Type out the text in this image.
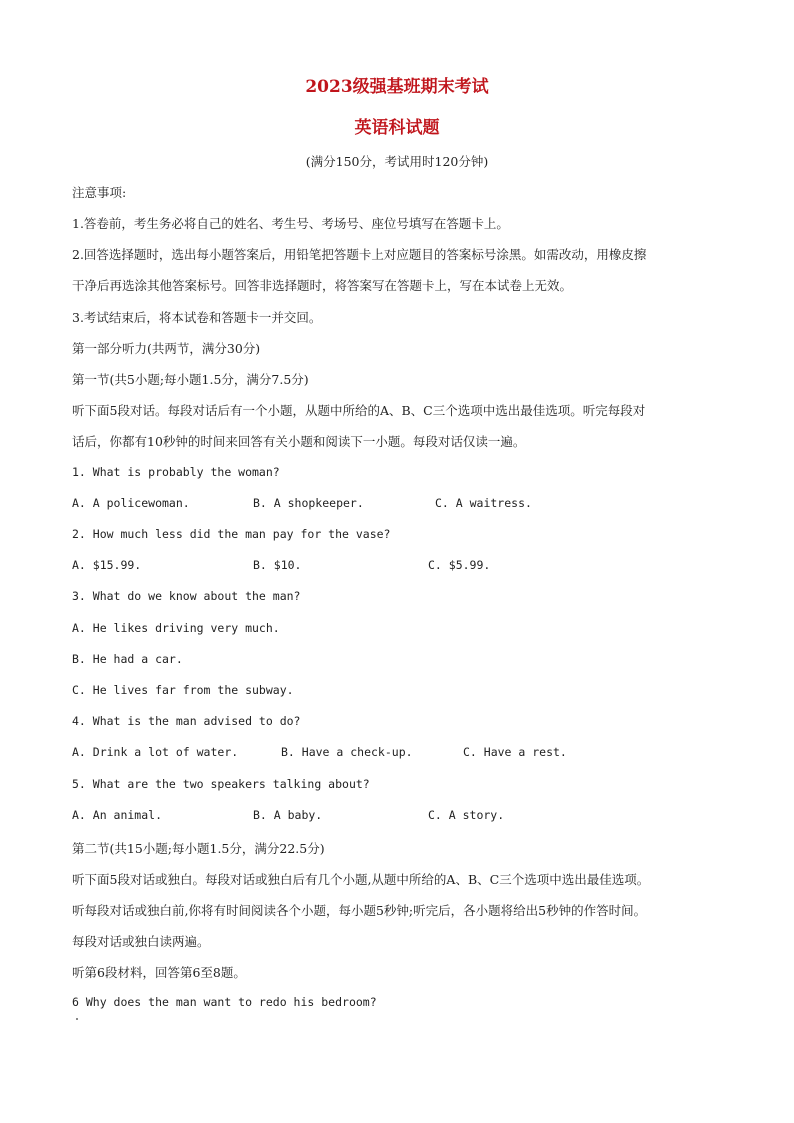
2023级强基班期末考试
英语科试题
(满分150分，考试用时120分钟)
注意事项:
1.答卷前，考生务必将自己的姓名、考生号、考场号、座位号填写在答题卡上。
2.回答选择题时，选出每小题答案后，用铅笔把答题卡上对应题目的答案标号涂黑。如需改动，用橡皮擦
干净后再选涂其他答案标号。回答非选择题时，将答案写在答题卡上，写在本试卷上无效。
3.考试结束后，将本试卷和答题卡一并交回。
第一部分听力(共两节，满分30分)
第一节(共5小题;每小题1.5分，满分7.5分)
听下面5段对话。每段对话后有一个小题，从题中所给的A、B、C三个选项中选出最佳选项。听完每段对
话后，你都有10秒钟的时间来回答有关小题和阅读下一小题。每段对话仅读一遍。
1. What is probably the woman?
A. A policewoman.	B. A shopkeeper.	C. A waitress.
2. How much less did the man pay for the vase?
A. $15.99.	B. $10.	C. $5.99.
3. What do we know about the man?
A. He likes driving very much.
B. He had a car.
C. He lives far from the subway.
4. What is the man advised to do?
A. Drink a lot of water.	B. Have a check-up.	C. Have a rest.
5. What are the two speakers talking about?
A. An animal.	B. A baby.	C. A story.
第二节(共15小题;每小题1.5分，满分22.5分)
听下面5段对话或独白。每段对话或独白后有几个小题,从题中所给的A、B、C三个选项中选出最佳选项。
听每段对话或独白前,你将有时间阅读各个小题，每小题5秒钟;听完后，各小题将给出5秒钟的作答时间。
每段对话或独白读两遍。
听第6段材料，回答第6至8题。
6 Why does the man want to redo his bedroom?
